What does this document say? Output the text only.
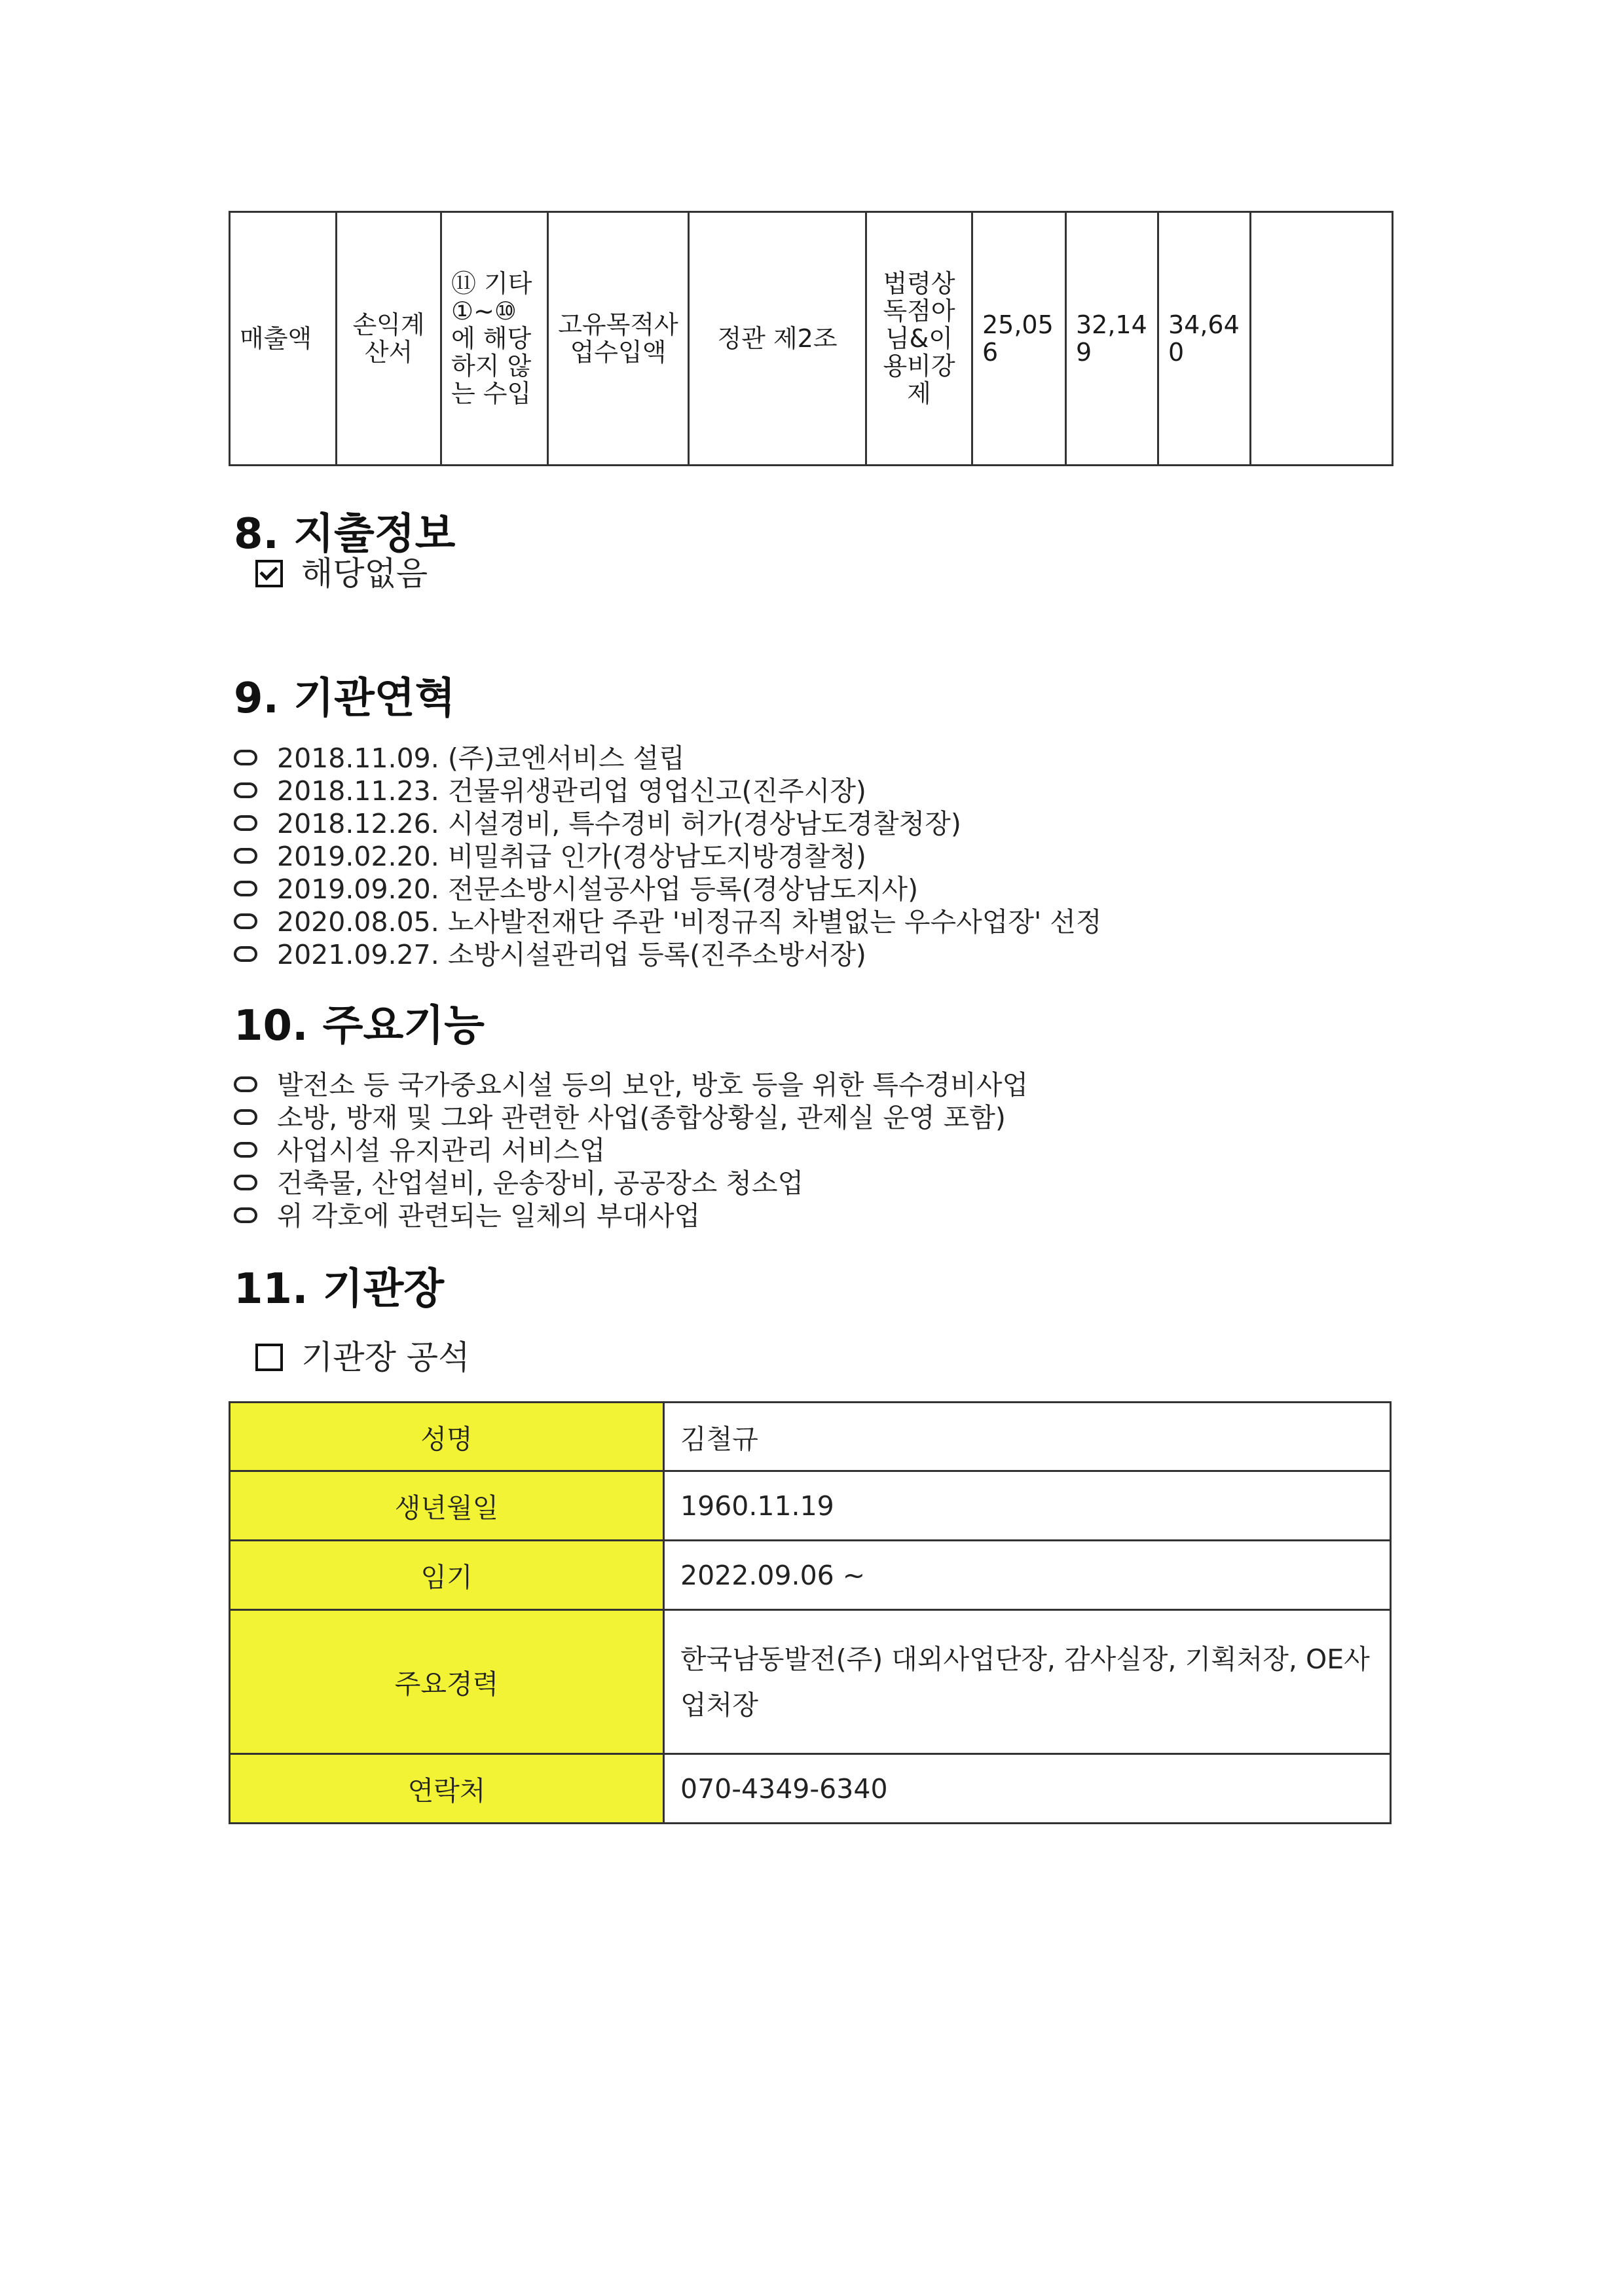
매출액	손익계산서	⑪ 기타①~⑩에 해당하지 않는 수입	고유목적사업수입액	정관 제2조	법령상 독점아님&이용비강제	25,056	32,149	34,640	
8. 지출정보
해당없음
9. 기관연혁
2018.11.09. (주)코엔서비스 설립
2018.11.23. 건물위생관리업 영업신고(진주시장)
2018.12.26. 시설경비, 특수경비 허가(경상남도경찰청장)
2019.02.20. 비밀취급 인가(경상남도지방경찰청)
2019.09.20. 전문소방시설공사업 등록(경상남도지사)
2020.08.05. 노사발전재단 주관 '비정규직 차별없는 우수사업장' 선정
2021.09.27. 소방시설관리업 등록(진주소방서장)
10. 주요기능
발전소 등 국가중요시설 등의 보안, 방호 등을 위한 특수경비사업
소방, 방재 및 그와 관련한 사업(종합상황실, 관제실 운영 포함)
사업시설 유지관리 서비스업
건축물, 산업설비, 운송장비, 공공장소 청소업
위 각호에 관련되는 일체의 부대사업
11. 기관장
기관장 공석
성명	김철규
생년월일	1960.11.19
임기	2022.09.06 ~
주요경력	한국남동발전(주) 대외사업단장, 감사실장, 기획처장, OE사업처장
연락처	070-4349-6340
